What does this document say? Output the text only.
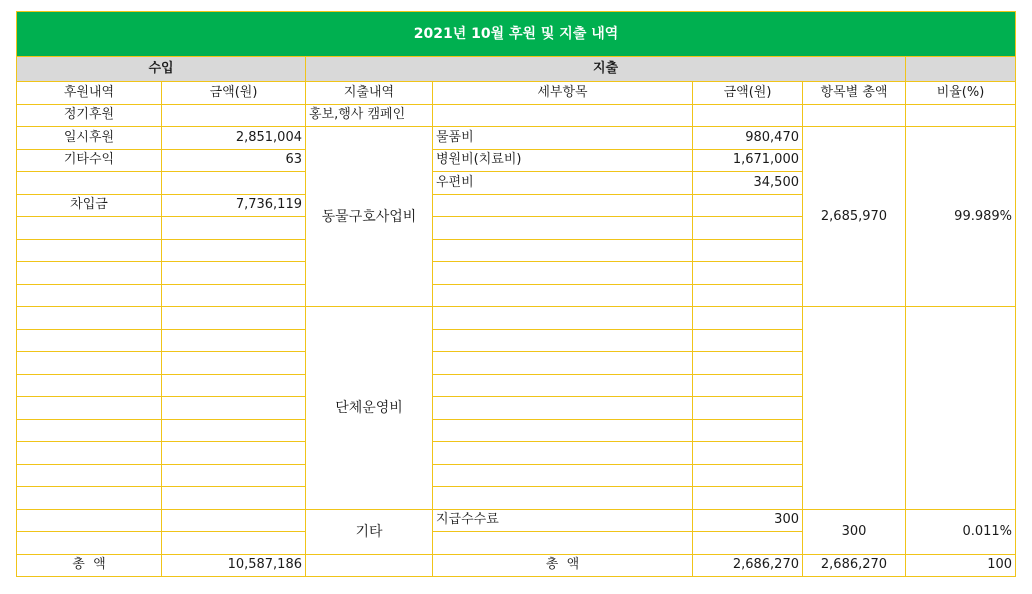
2021년 10월 후원 및 지출 내역						
수입		지출				
후원내역	금액(원)	지출내역	세부항목	금액(원)	항목별 총액	비율(%)
정기후원		홍보,행사 캠페인				
일시후원	2,851,004	동물구호사업비	물품비	980,470	2,685,970	99.989%
기타수익	63		병원비(치료비)	1,671,000		
			우편비	34,500		
차입금	7,736,119					

		단체운영비				

		기타	지급수수료	300	300	0.011%

총  액	10,587,186		총  액	2,686,270	2,686,270	100
